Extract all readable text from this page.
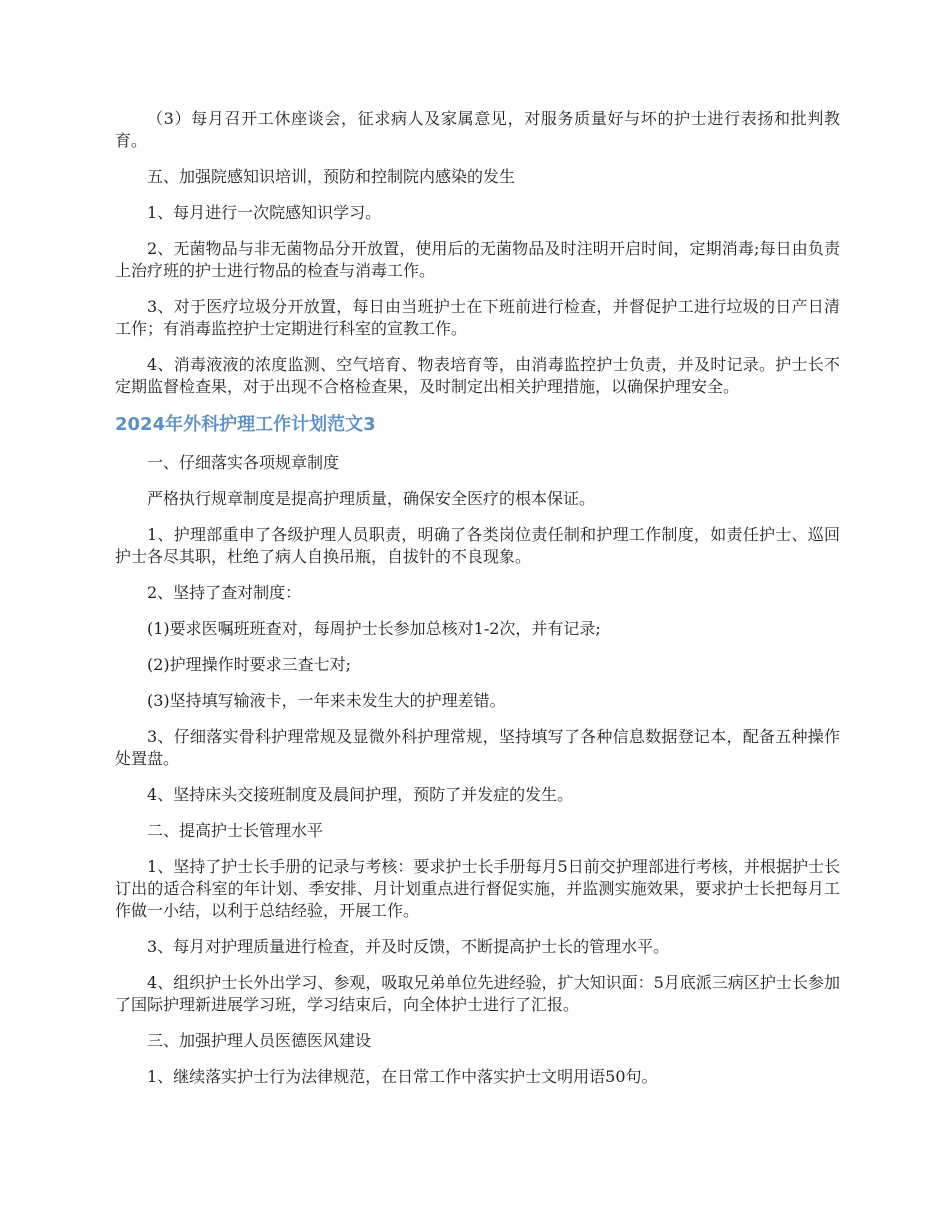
（3）每月召开工休座谈会，征求病人及家属意见，对服务质量好与坏的护士进行表扬和批判教育。

五、加强院感知识培训，预防和控制院内感染的发生

1、每月进行一次院感知识学习。

2、无菌物品与非无菌物品分开放置，使用后的无菌物品及时注明开启时间，定期消毒;每日由负责上治疗班的护士进行物品的检查与消毒工作。

3、对于医疗垃圾分开放置，每日由当班护士在下班前进行检查，并督促护工进行垃圾的日产日清工作；有消毒监控护士定期进行科室的宣教工作。

4、消毒液液的浓度监测、空气培育、物表培育等，由消毒监控护士负责，并及时记录。护士长不定期监督检查果，对于出现不合格检查果，及时制定出相关护理措施，以确保护理安全。

2024年外科护理工作计划范文3

一、仔细落实各项规章制度

严格执行规章制度是提高护理质量，确保安全医疗的根本保证。

1、护理部重申了各级护理人员职责，明确了各类岗位责任制和护理工作制度，如责任护士、巡回护士各尽其职，杜绝了病人自换吊瓶，自拔针的不良现象。

2、坚持了查对制度：

(1)要求医嘱班班查对，每周护士长参加总核对1-2次，并有记录;

(2)护理操作时要求三查七对;

(3)坚持填写输液卡，一年来未发生大的护理差错。

3、仔细落实骨科护理常规及显微外科护理常规，坚持填写了各种信息数据登记本，配备五种操作处置盘。

4、坚持床头交接班制度及晨间护理，预防了并发症的发生。

二、提高护士长管理水平

1、坚持了护士长手册的记录与考核：要求护士长手册每月5日前交护理部进行考核，并根据护士长订出的适合科室的年计划、季安排、月计划重点进行督促实施，并监测实施效果，要求护士长把每月工作做一小结，以利于总结经验，开展工作。

3、每月对护理质量进行检查，并及时反馈，不断提高护士长的管理水平。

4、组织护士长外出学习、参观，吸取兄弟单位先进经验，扩大知识面：5月底派三病区护士长参加了国际护理新进展学习班，学习结束后，向全体护士进行了汇报。

三、加强护理人员医德医风建设

1、继续落实护士行为法律规范，在日常工作中落实护士文明用语50句。
